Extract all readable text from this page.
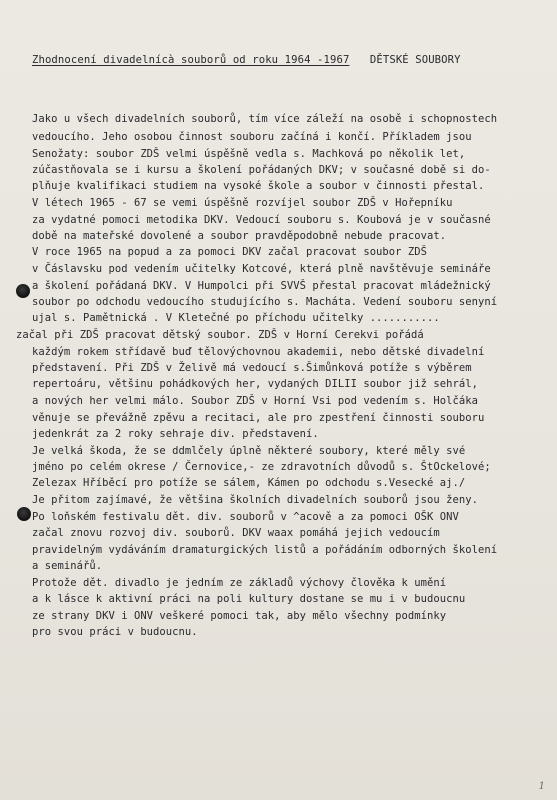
Zhodnocení divadelnícà souborů od roku 1964 -1967 DĚTSKÉ SOUBORY
Jako u všech divadelních souborů, tím více záleží na osobě i schopnostech
vedoucího. Jeho osobou činnost souboru začíná i končí. Příkladem jsou
Senožaty: soubor ZDŠ velmi úspěšně vedla s. Machková po několik let,
zúčastňovala se i kursu a školení pořádaných DKV; v současné době si do-
plňuje kvalifikaci studiem na vysoké škole a soubor v činnosti přestal.
V létech 1965 - 67 se vemi úspěšně rozvíjel soubor ZDŠ v Hořepníku
za vydatné pomoci metodika DKV. Vedoucí souboru s. Koubová je v současné
době na mateřské dovolené a soubor pravděpodobně nebude pracovat.
V roce 1965 na popud a za pomoci DKV začal pracovat soubor ZDŠ
v Čáslavsku pod vedením učitelky Kotcové, která plně navštěvuje semináře
a školení pořádaná DKV. V Humpolci při SVVŠ přestal pracovat mládežnický
soubor po odchodu vedoucího studujícího s. Macháta. Vedení souboru senyní
ujal s. Pamětnická . V Kletečné po příchodu učitelky ...........
začal při ZDŠ pracovat dětský soubor. ZDŠ v Horní Cerekvi pořádá
každým rokem střídavě buď tělovýchovnou akademii, nebo dětské divadelní
představení. Při ZDŠ v Želivě má vedoucí s.Šimůnková potíže s výběrem
repertoáru, většinu pohádkových her, vydaných DILII soubor již sehrál,
a nových her velmi málo. Soubor ZDŠ v Horní Vsi pod vedením s. Holčáka
věnuje se převážně zpěvu a recitaci, ale pro zpestření činnosti souboru
jedenkrát za 2 roky sehraje div. představení.
Je velká škoda, že se ddmlčely úplně některé soubory, které měly své
jméno po celém okrese / Černovice,- ze zdravotních důvodů s. ŠtOckelové;
Zelezax Hříběcí pro potíže se sálem, Kámen po odchodu s.Vesecké aj./
Je přitom zajímavé, že většina školních divadelních souborů jsou ženy.
Po loňském festivalu dět. div. souborů v ^acově a za pomoci OŠK ONV
začal znovu rozvoj div. souborů. DKV waax pomáhá jejich vedoucím
pravidelným vydáváním dramaturgických listů a pořádáním odborných školení
a seminářů.
Protože dět. divadlo je jedním ze základů výchovy člověka k umění
a k lásce k aktivní práci na poli kultury dostane se mu i v budoucnu
ze strany DKV i ONV veškeré pomoci tak, aby mělo všechny podmínky
pro svou práci v budoucnu.
1
